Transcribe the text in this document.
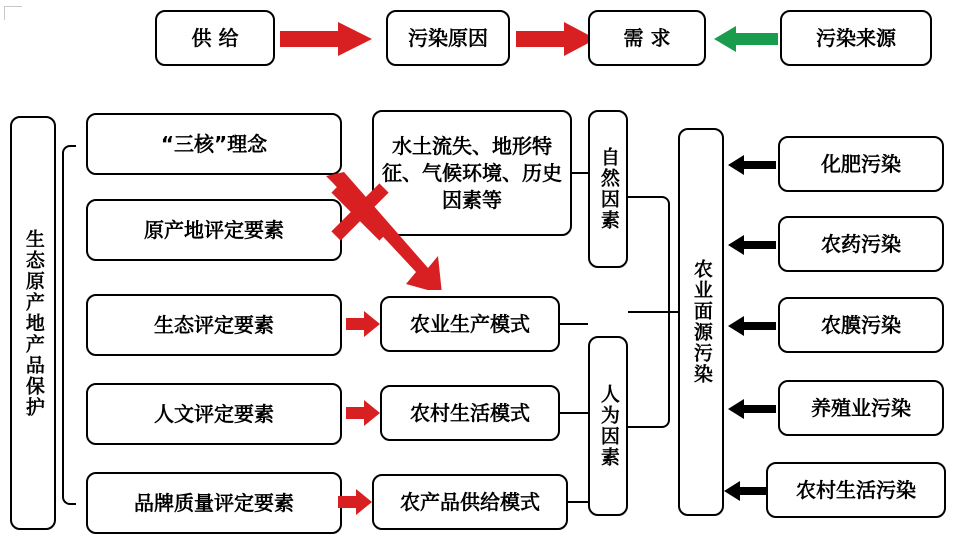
供 给	污染原因	需 求	污染来源
生态原产地产品保护
“三核”理念
原产地评定要素
生态评定要素
人文评定要素
品牌质量评定要素
水土流失、地形特征、气候环境、历史因素等
农业生产模式
农村生活模式
农产品供给模式
自然因素
人为因素
农业面源污染
化肥污染
农药污染
农膜污染
养殖业污染
农村生活污染
